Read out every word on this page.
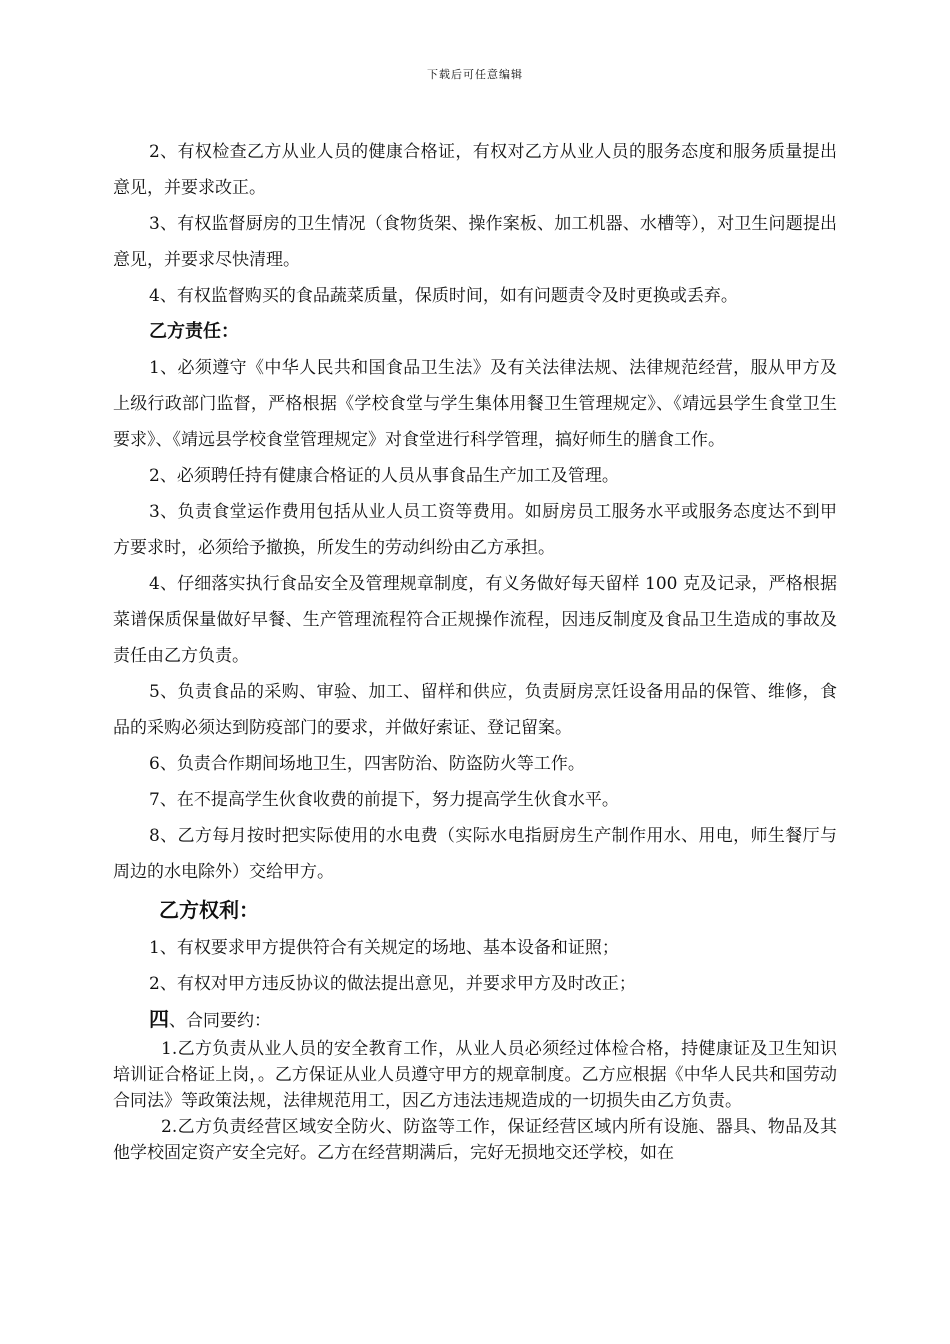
下载后可任意编辑

2、有权检查乙方从业人员的健康合格证，有权对乙方从业人员的服务态度和服务质量提出意见，并要求改正。

3、有权监督厨房的卫生情况（食物货架、操作案板、加工机器、水槽等），对卫生问题提出意见，并要求尽快清理。

4、有权监督购买的食品蔬菜质量，保质时间，如有问题责令及时更换或丢弃。

乙方责任：

1、必须遵守《中华人民共和国食品卫生法》及有关法律法规、法律规范经营，服从甲方及上级行政部门监督，严格根据《学校食堂与学生集体用餐卫生管理规定》、《靖远县学生食堂卫生要求》、《靖远县学校食堂管理规定》对食堂进行科学管理，搞好师生的膳食工作。

2、必须聘任持有健康合格证的人员从事食品生产加工及管理。

3、负责食堂运作费用包括从业人员工资等费用。如厨房员工服务水平或服务态度达不到甲方要求时，必须给予撤换，所发生的劳动纠纷由乙方承担。

4、仔细落实执行食品安全及管理规章制度，有义务做好每天留样 100 克及记录，严格根据菜谱保质保量做好早餐、生产管理流程符合正规操作流程，因违反制度及食品卫生造成的事故及责任由乙方负责。

5、负责食品的采购、审验、加工、留样和供应，负责厨房烹饪设备用品的保管、维修，食品的采购必须达到防疫部门的要求，并做好索证、登记留案。

6、负责合作期间场地卫生，四害防治、防盗防火等工作。

7、在不提高学生伙食收费的前提下，努力提高学生伙食水平。

8、乙方每月按时把实际使用的水电费（实际水电指厨房生产制作用水、用电，师生餐厅与周边的水电除外）交给甲方。

乙方权利：

1、有权要求甲方提供符合有关规定的场地、基本设备和证照；

2、有权对甲方违反协议的做法提出意见，并要求甲方及时改正；

四、合同要约：

1.乙方负责从业人员的安全教育工作，从业人员必须经过体检合格，持健康证及卫生知识培训证合格证上岗，。乙方保证从业人员遵守甲方的规章制度。乙方应根据《中华人民共和国劳动合同法》等政策法规，法律规范用工，因乙方违法违规造成的一切损失由乙方负责。

2.乙方负责经营区域安全防火、防盗等工作，保证经营区域内所有设施、器具、物品及其他学校固定资产安全完好。乙方在经营期满后，完好无损地交还学校，如在
